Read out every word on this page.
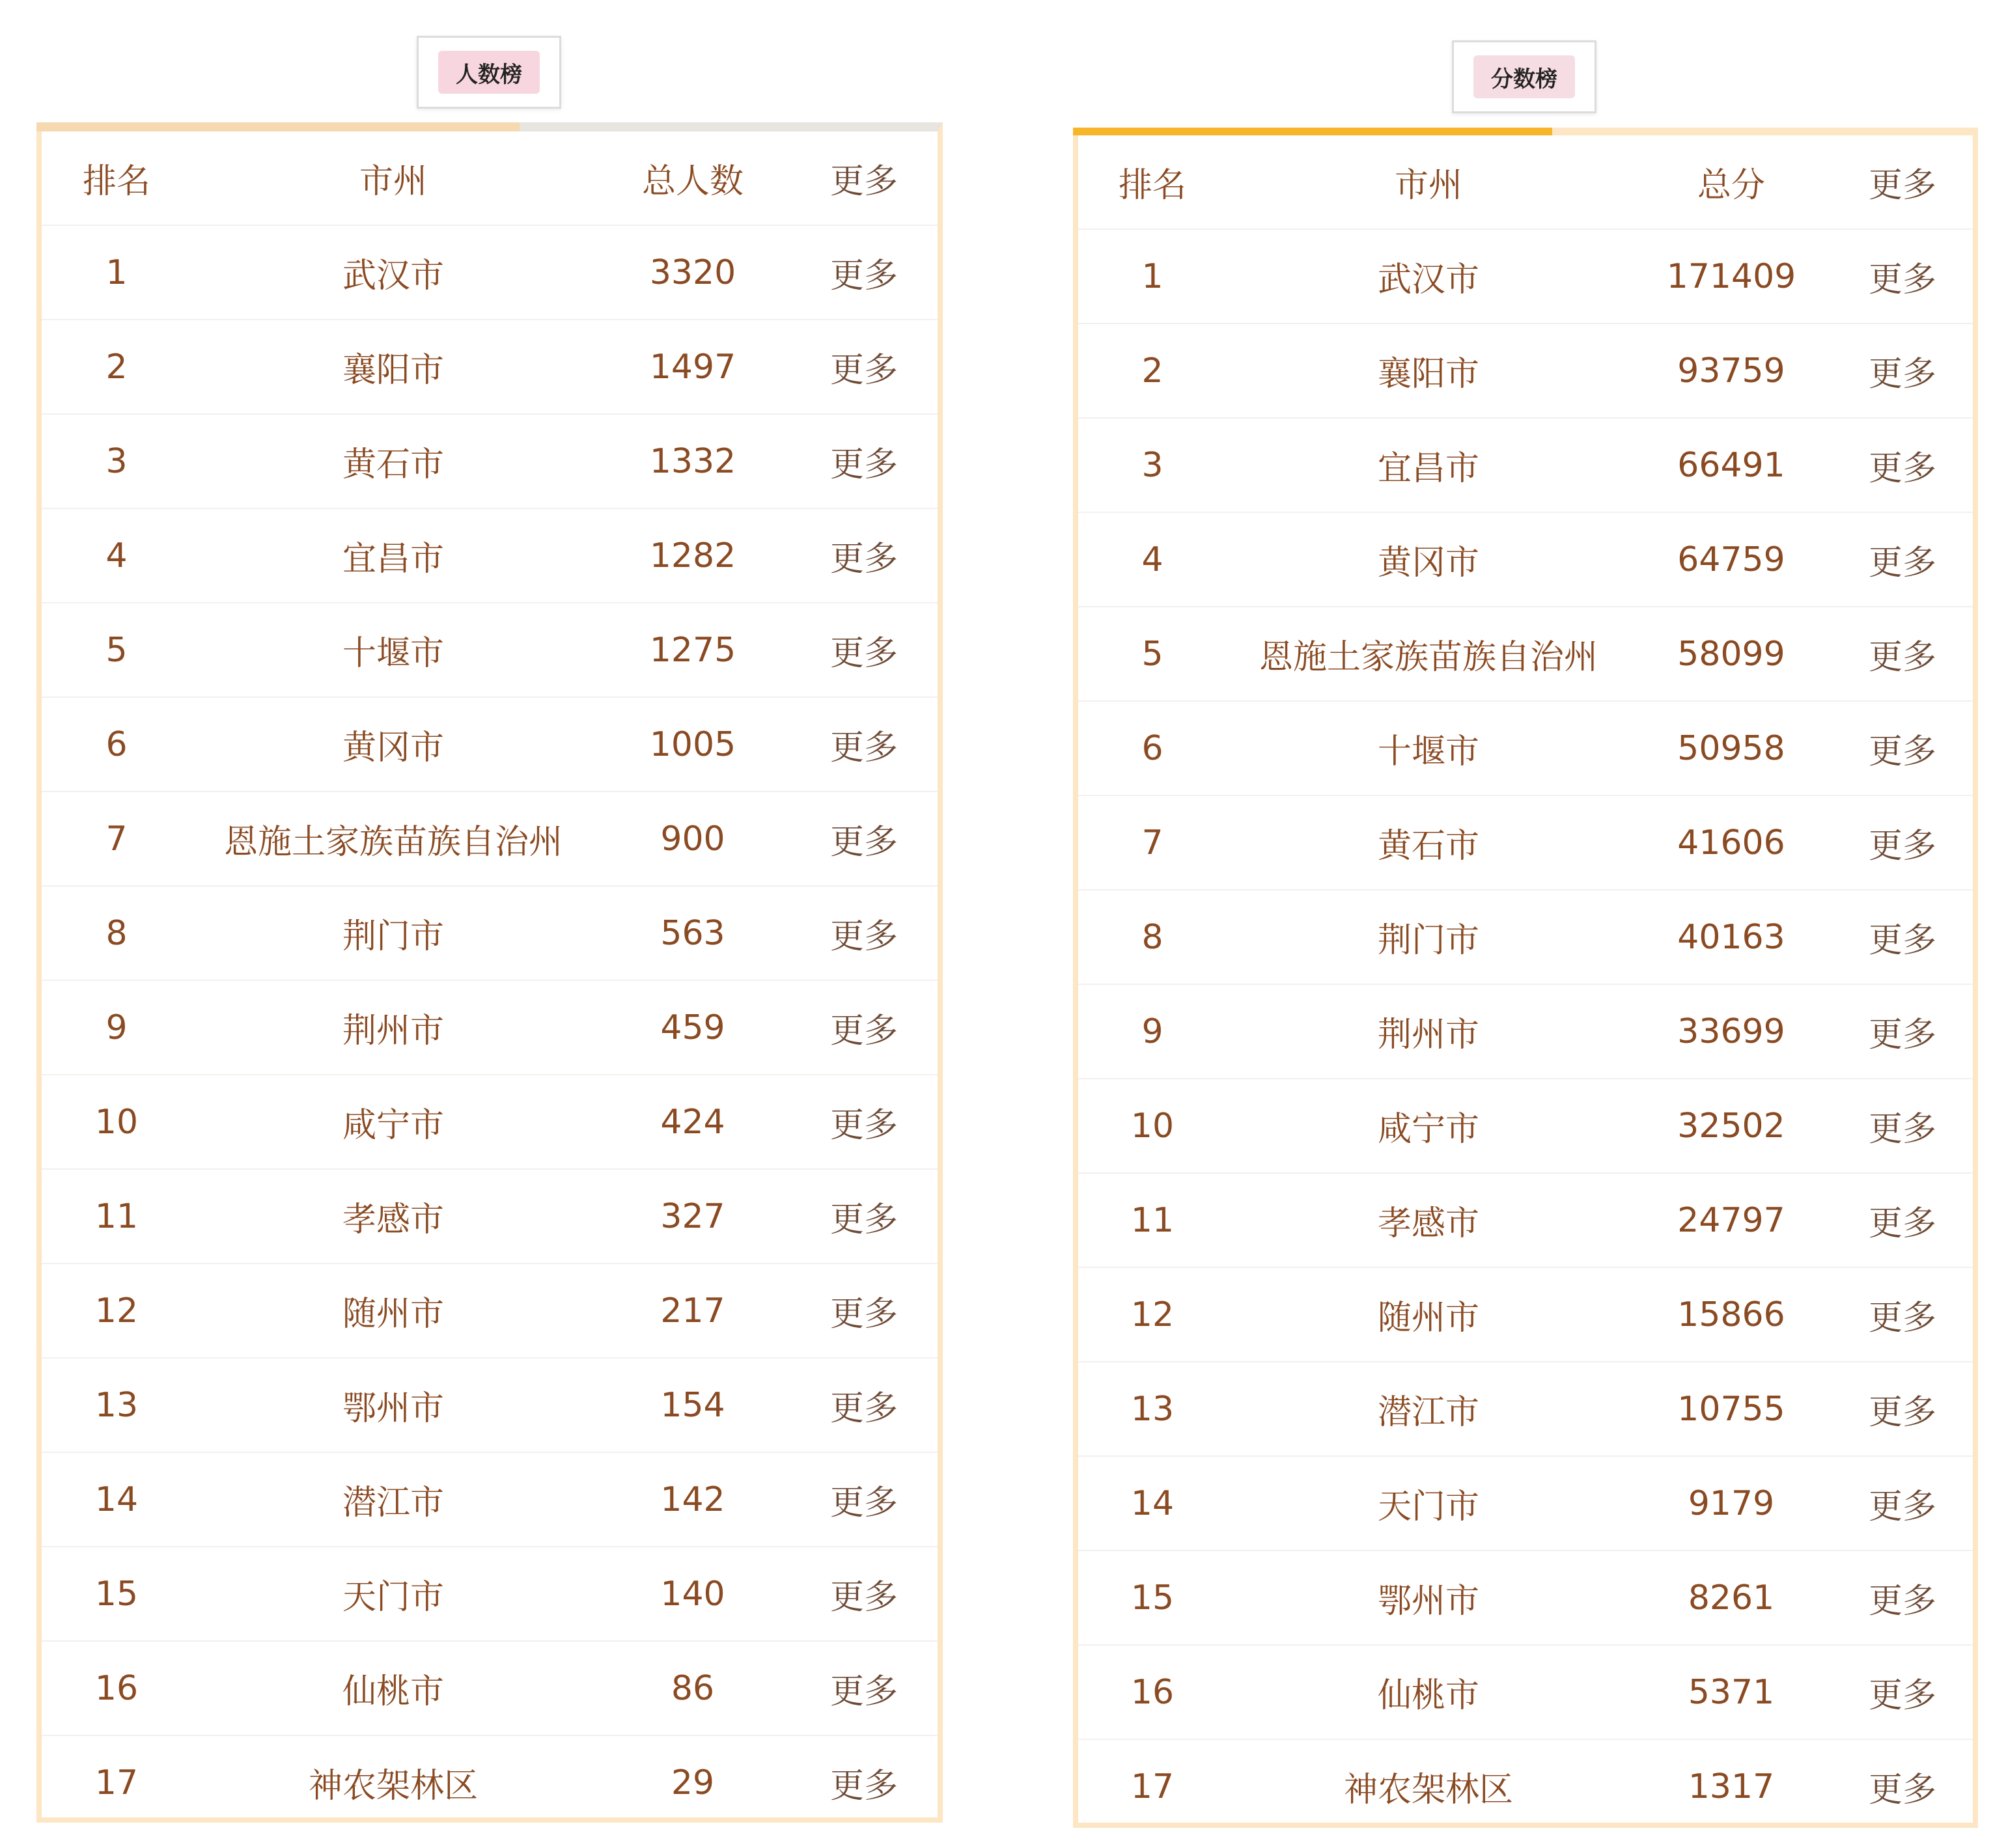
人数榜	分数榜
排名	市州	总人数	更多
1	武汉市	3320	更多
2	襄阳市	1497	更多
3	黄石市	1332	更多
4	宜昌市	1282	更多
5	十堰市	1275	更多
6	黄冈市	1005	更多
7	恩施土家族苗族自治州	900	更多
8	荆门市	563	更多
9	荆州市	459	更多
10	咸宁市	424	更多
11	孝感市	327	更多
12	随州市	217	更多
13	鄂州市	154	更多
14	潜江市	142	更多
15	天门市	140	更多
16	仙桃市	86	更多
17	神农架林区	29	更多
排名	市州	总分	更多
1	武汉市	171409	更多
2	襄阳市	93759	更多
3	宜昌市	66491	更多
4	黄冈市	64759	更多
5	恩施土家族苗族自治州	58099	更多
6	十堰市	50958	更多
7	黄石市	41606	更多
8	荆门市	40163	更多
9	荆州市	33699	更多
10	咸宁市	32502	更多
11	孝感市	24797	更多
12	随州市	15866	更多
13	潜江市	10755	更多
14	天门市	9179	更多
15	鄂州市	8261	更多
16	仙桃市	5371	更多
17	神农架林区	1317	更多
